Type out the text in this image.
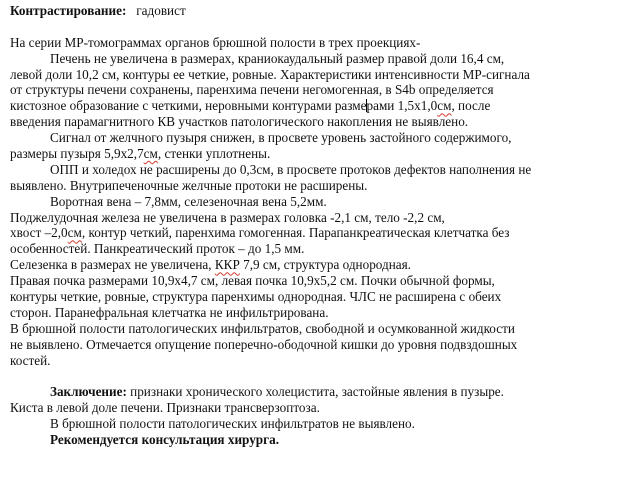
Контрастирование: гадовист
На серии МР-томограммах органов брюшной полости в трех проекциях-
Печень не увеличена в размерах, краниокаудальный размер правой доли 16,4 см,
левой доли 10,2 см, контуры ее четкие, ровные. Характеристики интенсивности МР-сигнала
от структуры печени сохранены, паренхима печени негомогенная, в S4b определяется
кистозное образование с четкими, неровными контурами размерами 1,5х1,0см, после
введения парамагнитного КВ участков патологического накопления не выявлено.
Сигнал от желчного пузыря снижен, в просвете уровень застойного содержимого,
размеры пузыря 5,9х2,7см, стенки уплотнены.
ОПП и холедох не расширены до 0,3см, в просвете протоков дефектов наполнения не
выявлено. Внутрипеченочные желчные протоки не расширены.
Воротная вена – 7,8мм, селезеночная вена 5,2мм.
Поджелудочная железа не увеличена в размерах головка -2,1 см, тело -2,2 см,
хвост –2,0см, контур четкий, паренхима гомогенная. Парапанкреатическая клетчатка без
особенностей. Панкреатический проток – до 1,5 мм.
Селезенка в размерах не увеличена, ККР 7,9 см, структура однородная.
Правая почка размерами 10,9х4,7 см, левая почка 10,9х5,2 см. Почки обычной формы,
контуры четкие, ровные, структура паренхимы однородная. ЧЛС не расширена с обеих
сторон. Паранефральная клетчатка не инфильтрирована.
В брюшной полости патологических инфильтратов, свободной и осумкованной жидкости
не выявлено. Отмечается опущение поперечно-ободочной кишки до уровня подвздошных
костей.
Заключение: признаки хронического холецистита, застойные явления в пузыре.
Киста в левой доле печени. Признаки трансверзоптоза.
В брюшной полости патологических инфильтратов не выявлено.
Рекомендуется консультация хирурга.
